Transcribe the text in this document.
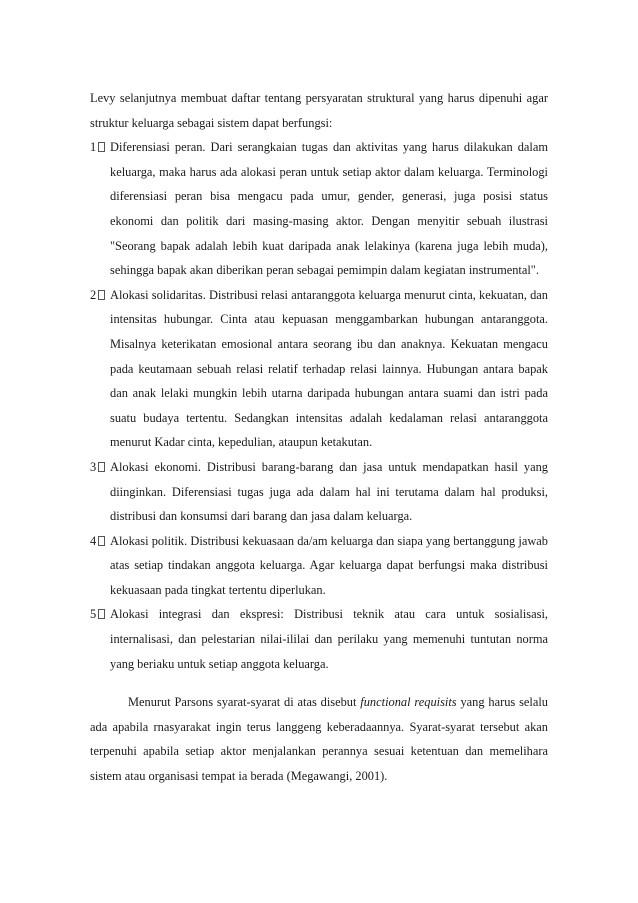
Levy selanjutnya membuat daftar tentang persyaratan struktural yang harus dipenuhi agar struktur keluarga sebagai sistem dapat berfungsi:

1	Diferensiasi peran. Dari serangkaian tugas dan aktivitas yang harus dilakukan dalam keluarga, maka harus ada alokasi peran untuk setiap aktor dalam keluarga. Terminologi diferensiasi peran bisa mengacu pada umur, gender, generasi, juga posisi status ekonomi dan politik dari masing-masing aktor. Dengan menyitir sebuah ilustrasi "Seorang bapak adalah lebih kuat daripada anak lelakinya (karena juga lebih muda), sehingga bapak akan diberikan peran sebagai pemimpin dalam kegiatan instrumental".
2	Alokasi solidaritas. Distribusi relasi antaranggota keluarga menurut cinta, kekuatan, dan intensitas hubungar. Cinta atau kepuasan menggambarkan hubungan antaranggota. Misalnya keterikatan emosional antara seorang ibu dan anaknya. Kekuatan mengacu pada keutamaan sebuah relasi relatif terhadap relasi lainnya. Hubungan antara bapak dan anak lelaki mungkin lebih utarna daripada hubungan antara suami dan istri pada suatu budaya tertentu. Sedangkan intensitas adalah kedalaman relasi antaranggota menurut Kadar cinta, kepedulian, ataupun ketakutan.
3	Alokasi ekonomi. Distribusi barang-barang dan jasa untuk mendapatkan hasil yang diinginkan. Diferensiasi tugas juga ada dalam hal ini terutama dalam hal produksi, distribusi dan konsumsi dari barang dan jasa dalam keluarga.
4	Alokasi politik. Distribusi kekuasaan da/am keluarga dan siapa yang bertanggung jawab atas setiap tindakan anggota keluarga. Agar keluarga dapat berfungsi maka distribusi kekuasaan pada tingkat tertentu diperlukan.
5	Alokasi integrasi dan ekspresi: Distribusi teknik atau cara untuk sosialisasi, internalisasi, dan pelestarian nilai-ililai dan perilaku yang memenuhi tuntutan norma yang beriaku untuk setiap anggota keluarga.

Menurut Parsons syarat-syarat di atas disebut functional requisits yang harus selalu ada apabila rnasyarakat ingin terus langgeng keberadaannya. Syarat-syarat tersebut akan terpenuhi apabila setiap aktor menjalankan perannya sesuai ketentuan dan memelihara sistem atau organisasi tempat ia berada (Megawangi, 2001).
